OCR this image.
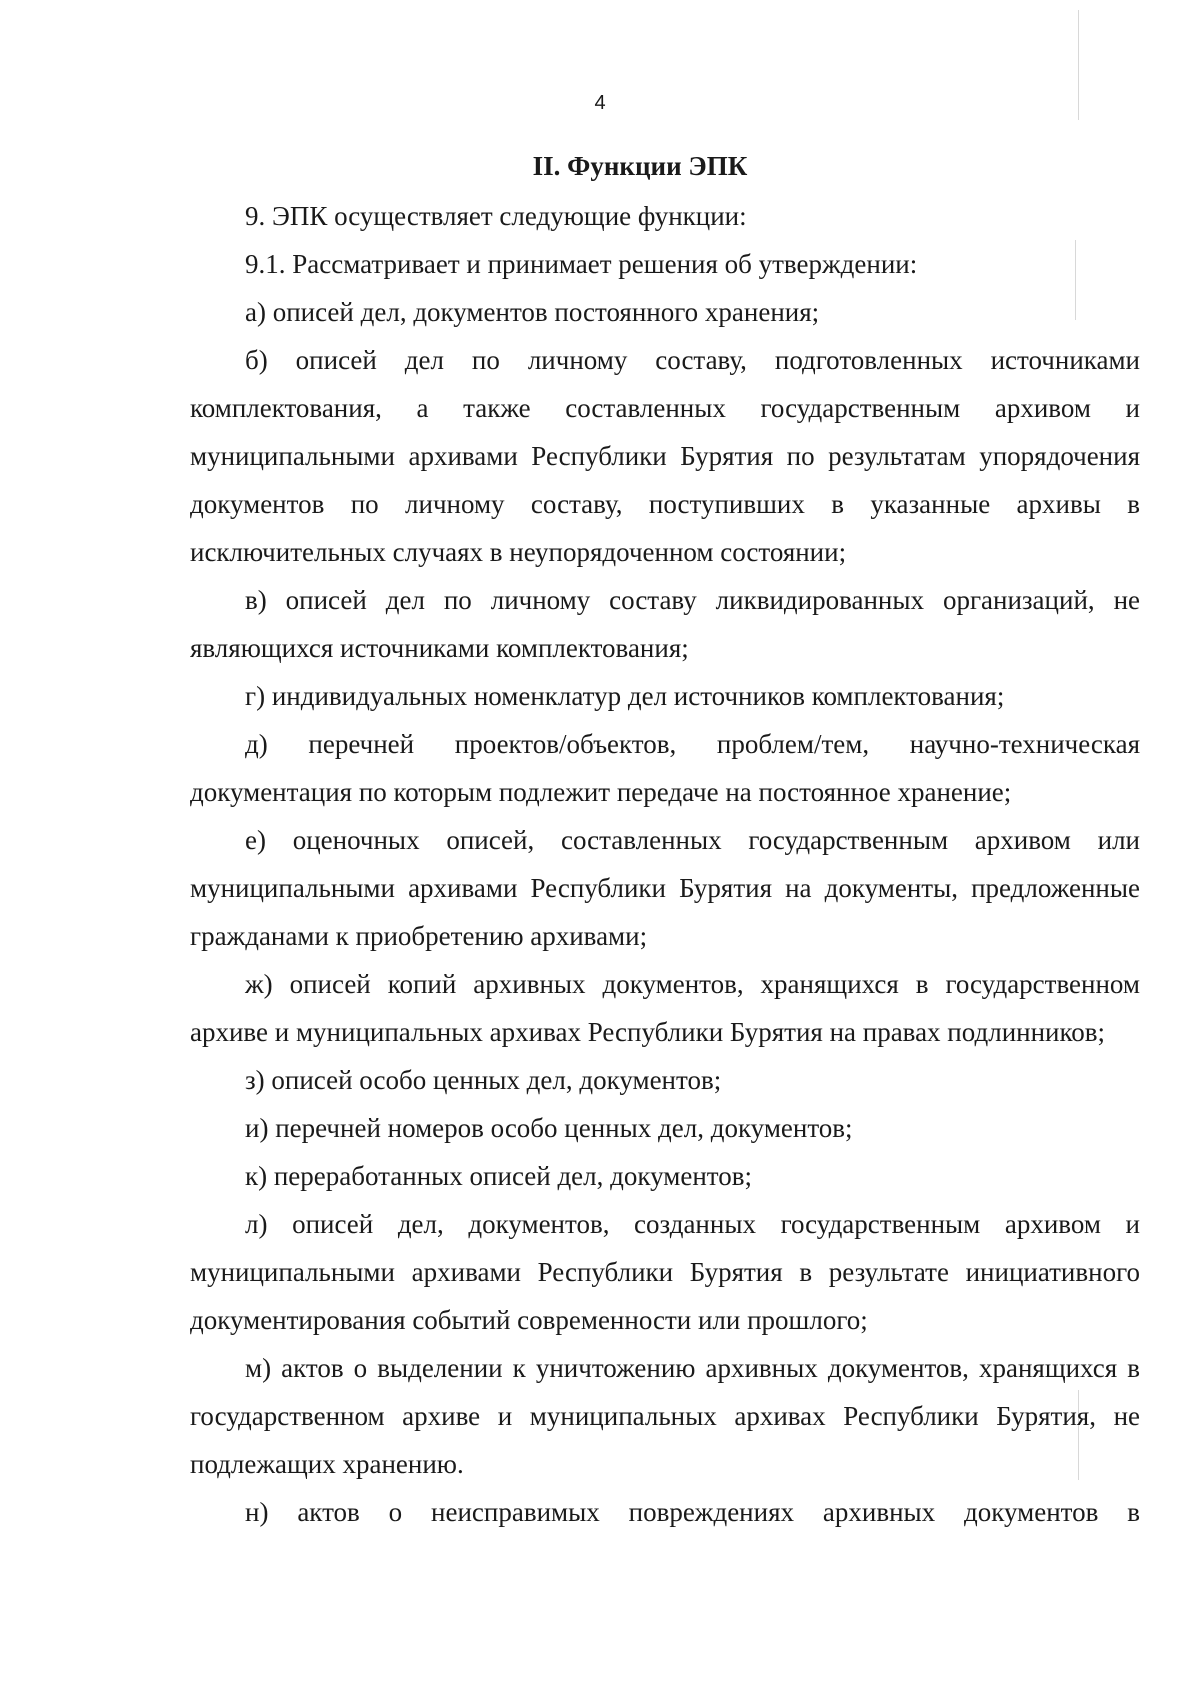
4
II. Функции ЭПК

9. ЭПК осуществляет следующие функции:

9.1. Рассматривает и принимает решения об утверждении:

а) описей дел, документов постоянного хранения;

б) описей дел по личному составу, подготовленных источниками комплектования, а также составленных государственным архивом и муниципальными архивами Республики Бурятия по результатам упорядочения документов по личному составу, поступивших в указанные архивы в исключительных случаях в неупорядоченном состоянии;

в) описей дел по личному составу ликвидированных организаций, не являющихся источниками комплектования;

г) индивидуальных номенклатур дел источников комплектования;

д) перечней проектов/объектов, проблем/тем, научно-техническая документация по которым подлежит передаче на постоянное хранение;

е) оценочных описей, составленных государственным архивом или муниципальными архивами Республики Бурятия на документы, предложенные гражданами к приобретению архивами;

ж) описей копий архивных документов, хранящихся в государственном архиве и муниципальных архивах Республики Бурятия на правах подлинников;

з) описей особо ценных дел, документов;

и) перечней номеров особо ценных дел, документов;

к) переработанных описей дел, документов;

л) описей дел, документов, созданных государственным архивом и муниципальными архивами Республики Бурятия в результате инициативного документирования событий современности или прошлого;

м) актов о выделении к уничтожению архивных документов, хранящихся в государственном архиве и муниципальных архивах Республики Бурятия, не подлежащих хранению.

н) актов о неисправимых повреждениях архивных документов в
